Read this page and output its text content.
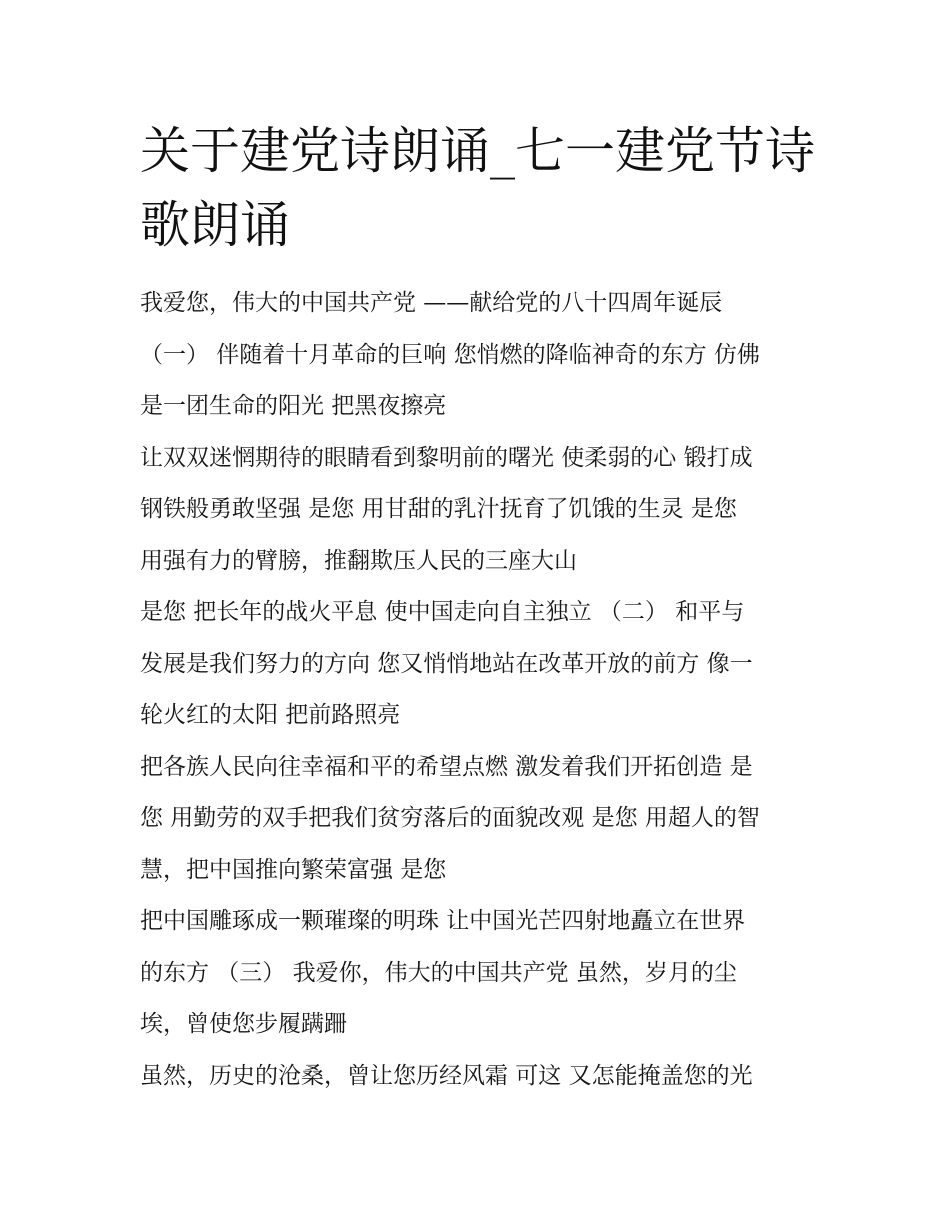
关于建党诗朗诵_七一建党节诗
歌朗诵
我爱您，伟大的中国共产党 ——献给党的八十四周年诞辰
（一） 伴随着十月革命的巨响 您悄燃的降临神奇的东方 仿佛
是一团生命的阳光 把黑夜擦亮
让双双迷惘期待的眼睛看到黎明前的曙光 使柔弱的心 锻打成
钢铁般勇敢坚强 是您 用甘甜的乳汁抚育了饥饿的生灵 是您
用强有力的臂膀，推翻欺压人民的三座大山
是您 把长年的战火平息 使中国走向自主独立 （二） 和平与
发展是我们努力的方向 您又悄悄地站在改革开放的前方 像一
轮火红的太阳 把前路照亮
把各族人民向往幸福和平的希望点燃 激发着我们开拓创造 是
您 用勤劳的双手把我们贫穷落后的面貌改观 是您 用超人的智
慧，把中国推向繁荣富强 是您
把中国雕琢成一颗璀璨的明珠 让中国光芒四射地矗立在世界
的东方 （三） 我爱你，伟大的中国共产党 虽然，岁月的尘
埃，曾使您步履蹒跚
虽然，历史的沧桑，曾让您历经风霜 可这 又怎能掩盖您的光
